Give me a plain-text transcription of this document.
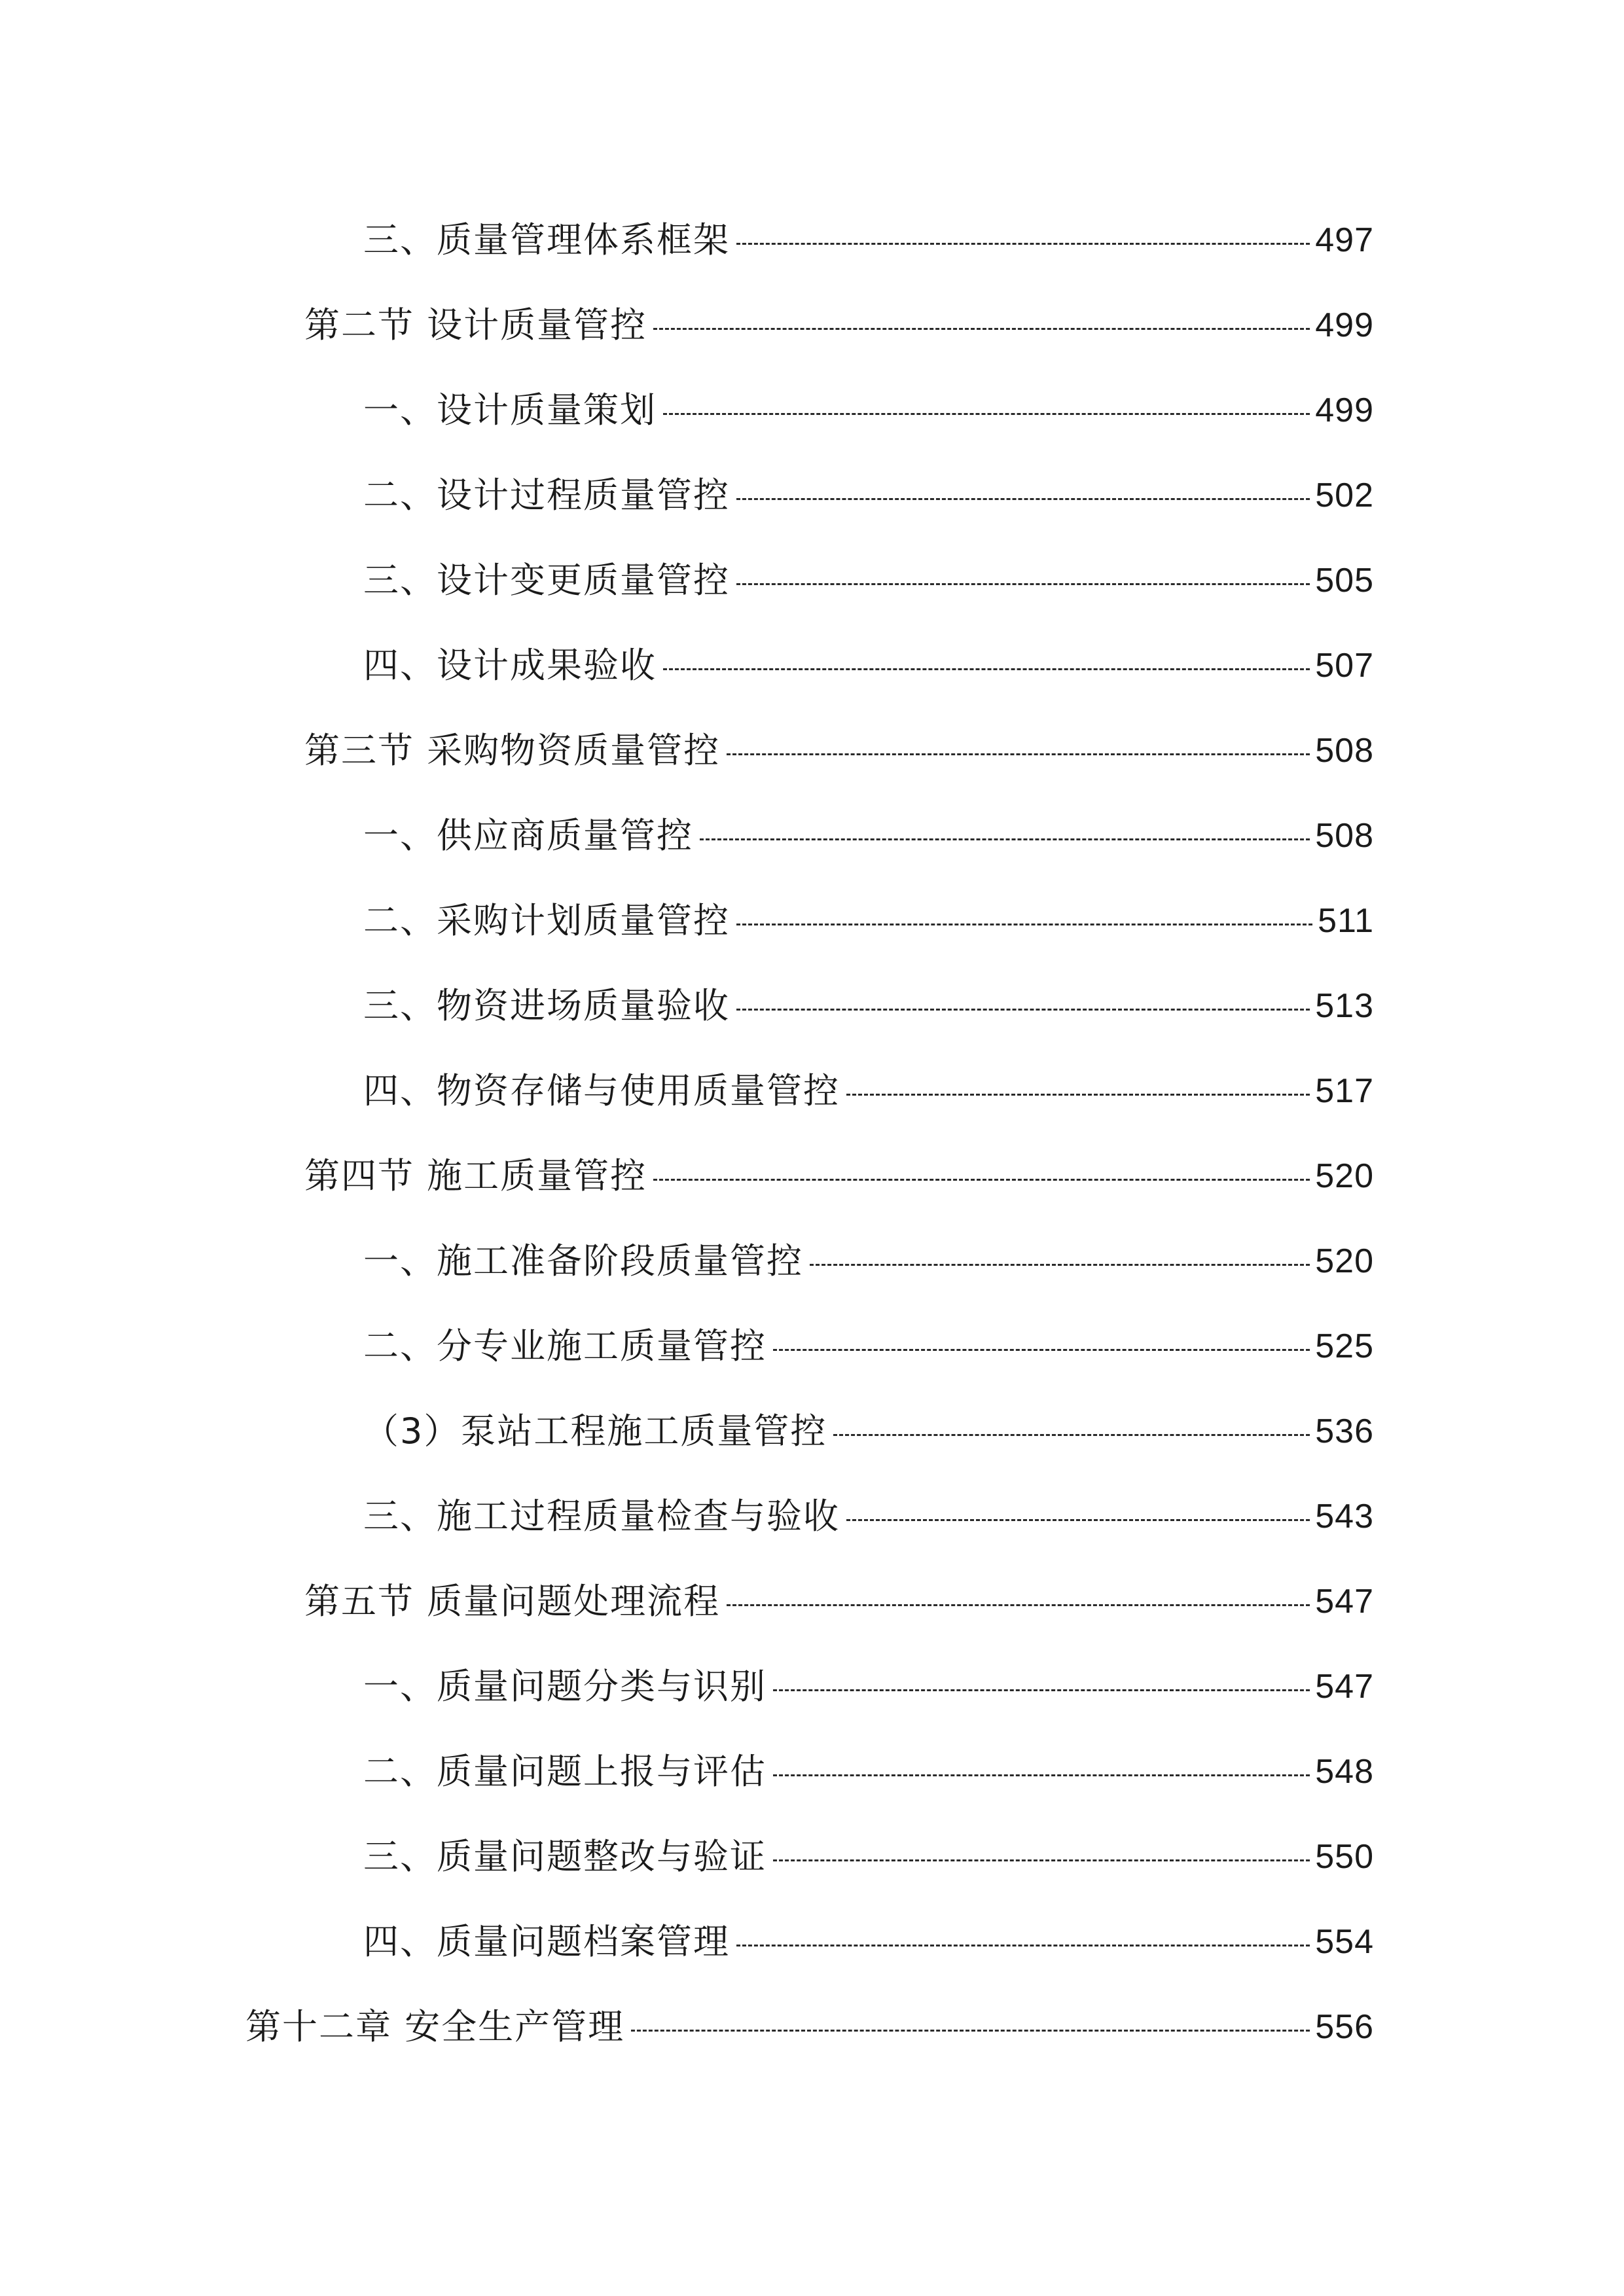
三、质量管理体系框架	497
第二节 设计质量管控	499
一、设计质量策划	499
二、设计过程质量管控	502
三、设计变更质量管控	505
四、设计成果验收	507
第三节 采购物资质量管控	508
一、供应商质量管控	508
二、采购计划质量管控	511
三、物资进场质量验收	513
四、物资存储与使用质量管控	517
第四节 施工质量管控	520
一、施工准备阶段质量管控	520
二、分专业施工质量管控	525
（3）泵站工程施工质量管控	536
三、施工过程质量检查与验收	543
第五节 质量问题处理流程	547
一、质量问题分类与识别	547
二、质量问题上报与评估	548
三、质量问题整改与验证	550
四、质量问题档案管理	554
第十二章 安全生产管理	556
